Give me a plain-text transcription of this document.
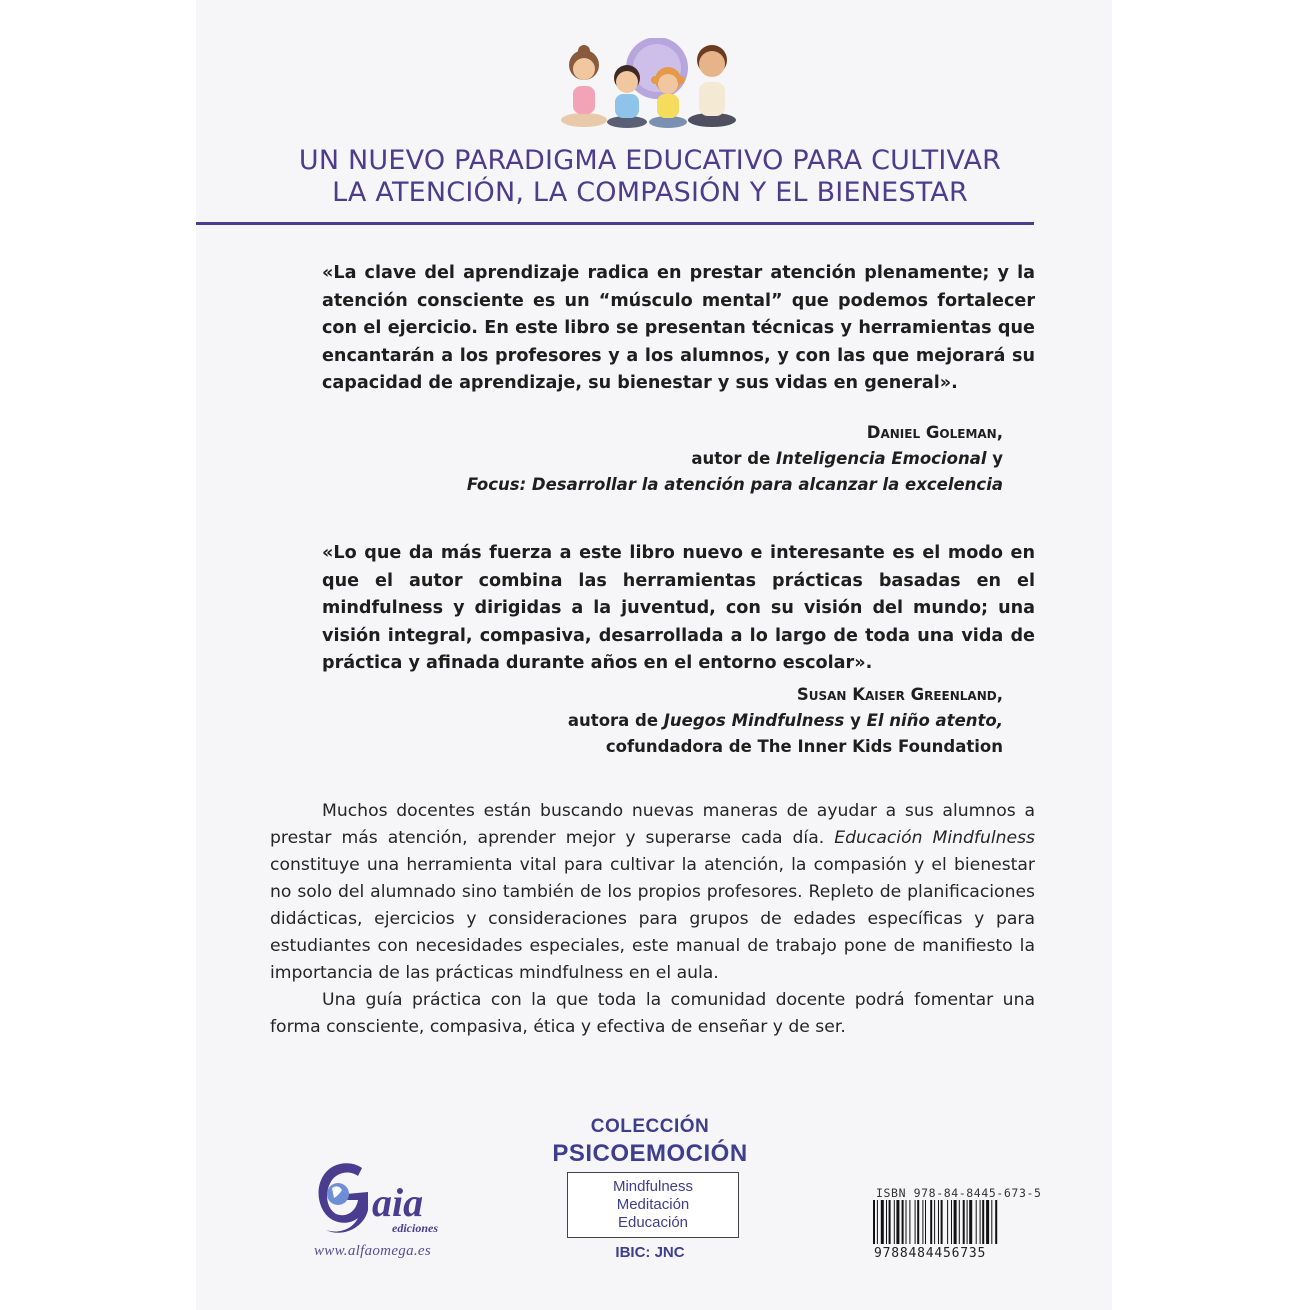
UN NUEVO PARADIGMA EDUCATIVO PARA CULTIVAR
LA ATENCIÓN, LA COMPASIÓN Y EL BIENESTAR

«La clave del aprendizaje radica en prestar atención plenamente; y la atención consciente es un “músculo mental” que podemos fortalecer con el ejercicio. En este libro se presentan técnicas y herramientas que encantarán a los profesores y a los alumnos, y con las que mejorará su capacidad de aprendizaje, su bienestar y sus vidas en general».

Daniel Goleman,
autor de Inteligencia Emocional y
Focus: Desarrollar la atención para alcanzar la excelencia

«Lo que da más fuerza a este libro nuevo e interesante es el modo en que el autor combina las herramientas prácticas basadas en el mindfulness y dirigidas a la juventud, con su visión del mundo; una visión integral, compasiva, desarrollada a lo largo de toda una vida de práctica y afinada durante años en el entorno escolar».

Susan Kaiser Greenland,
autora de Juegos Mindfulness y El niño atento,
cofundadora de The Inner Kids Foundation

Muchos docentes están buscando nuevas maneras de ayudar a sus alumnos a prestar más atención, aprender mejor y superarse cada día. Educación Mindfulness constituye una herramienta vital para cultivar la atención, la compasión y el bienestar no solo del alumnado sino también de los propios profesores. Repleto de planificaciones didácticas, ejercicios y consideraciones para grupos de edades específicas y para estudiantes con necesidades especiales, este manual de trabajo pone de manifiesto la importancia de las prácticas mindfulness en el aula.

Una guía práctica con la que toda la comunidad docente podrá fomentar una forma consciente, compasiva, ética y efectiva de enseñar y de ser.

aia
ediciones
www.alfaomega.es
COLECCIÓN
PSICOEMOCIÓN
Mindfulness
Meditación
Educación
IBIC: JNC
ISBN 978-84-8445-673-5
9788484456735
